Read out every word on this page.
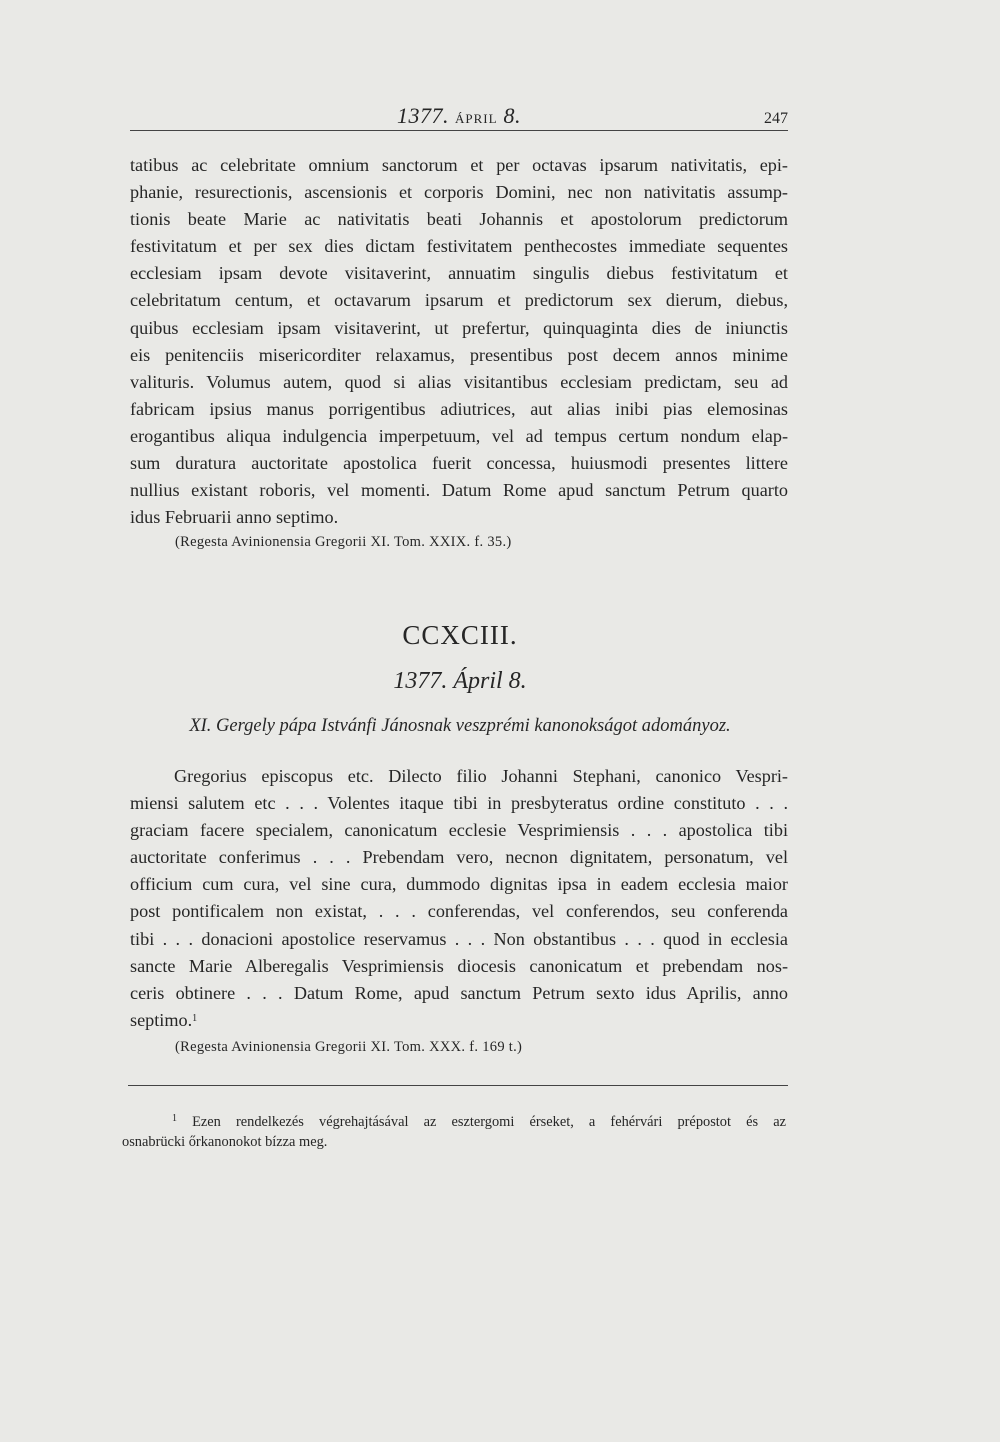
1377. ÁPRIL 8.	247
tatibus ac celebritate omnium sanctorum et per octavas ipsarum nativitatis, epi-
phanie, resurectionis, ascensionis et corporis Domini, nec non nativitatis assump-
tionis beate Marie ac nativitatis beati Johannis et apostolorum predictorum
festivitatum et per sex dies dictam festivitatem penthecostes immediate sequentes
ecclesiam ipsam devote visitaverint, annuatim singulis diebus festivitatum et
celebritatum centum, et octavarum ipsarum et predictorum sex dierum, diebus,
quibus ecclesiam ipsam visitaverint, ut prefertur, quinquaginta dies de iniunctis
eis penitenciis misericorditer relaxamus, presentibus post decem annos minime
valituris. Volumus autem, quod si alias visitantibus ecclesiam predictam, seu ad
fabricam ipsius manus porrigentibus adiutrices, aut alias inibi pias elemosinas
erogantibus aliqua indulgencia imperpetuum, vel ad tempus certum nondum elap-
sum duratura auctoritate apostolica fuerit concessa, huiusmodi presentes littere
nullius existant roboris, vel momenti. Datum Rome apud sanctum Petrum quarto
idus Februarii anno septimo.
(Regesta Avinionensia Gregorii XI. Tom. XXIX. f. 35.)
CCXCIII.
1377. Ápril 8.
XI. Gergely pápa Istvánfi Jánosnak veszprémi kanonokságot adományoz.
Gregorius episcopus etc. Dilecto filio Johanni Stephani, canonico Vespri-
miensi salutem etc . . . Volentes itaque tibi in presbyteratus ordine constituto . . .
graciam facere specialem, canonicatum ecclesie Vesprimiensis . . . apostolica tibi
auctoritate conferimus . . . Prebendam vero, necnon dignitatem, personatum, vel
officium cum cura, vel sine cura, dummodo dignitas ipsa in eadem ecclesia maior
post pontificalem non existat, . . . conferendas, vel conferendos, seu conferenda
tibi . . . donacioni apostolice reservamus . . . Non obstantibus . . . quod in ecclesia
sancte Marie Alberegalis Vesprimiensis diocesis canonicatum et prebendam nos-
ceris obtinere . . . Datum Rome, apud sanctum Petrum sexto idus Aprilis, anno
septimo.$^1$
(Regesta Avinionensia Gregorii XI. Tom. XXX. f. 169 t.)
$^1$ Ezen rendelkezés végrehajtásával az esztergomi érseket, a fehérvári prépostot és az
osnabrücki őrkanonokot bízza meg.
